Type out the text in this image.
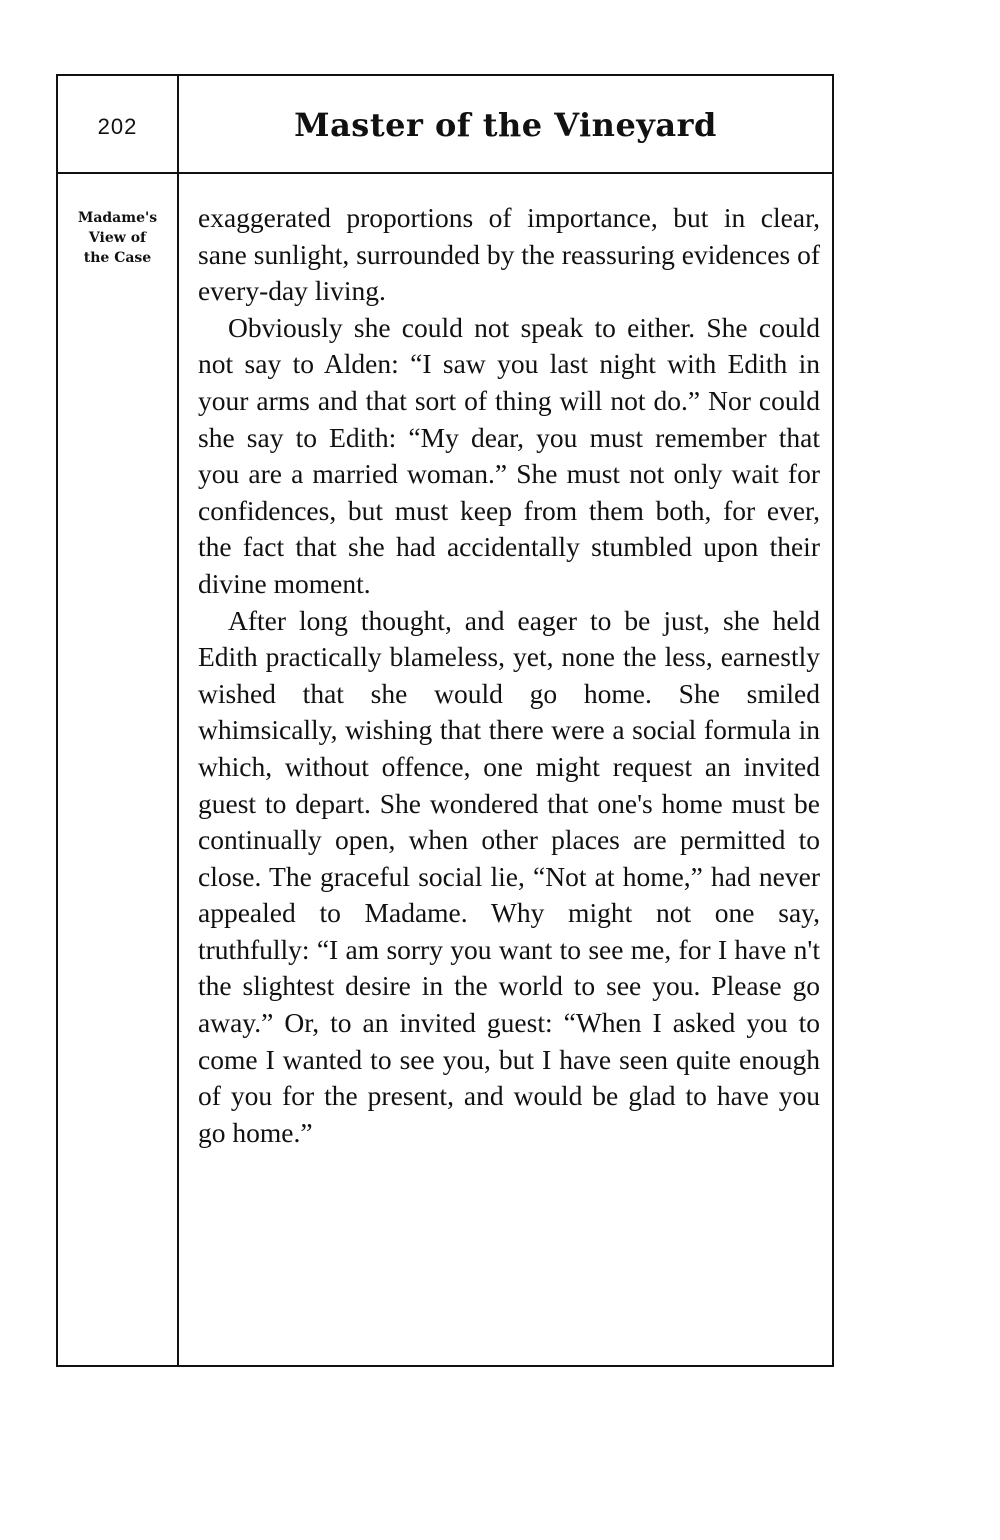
202	Master of the Vineyard
Madame's
View of
the Case

exaggerated proportions of importance, but in clear, sane sunlight, surrounded by the reassuring evidences of every-day living.

Obviously she could not speak to either. She could not say to Alden: “I saw you last night with Edith in your arms and that sort of thing will not do.” Nor could she say to Edith: “My dear, you must remember that you are a married woman.” She must not only wait for confidences, but must keep from them both, for ever, the fact that she had accidentally stumbled upon their divine moment.

After long thought, and eager to be just, she held Edith practically blameless, yet, none the less, earnestly wished that she would go home. She smiled whimsically, wishing that there were a social formula in which, without offence, one might request an invited guest to depart. She wondered that one's home must be continually open, when other places are permitted to close. The graceful social lie, “Not at home,” had never appealed to Madame. Why might not one say, truthfully: “I am sorry you want to see me, for I have n't the slightest desire in the world to see you. Please go away.” Or, to an invited guest: “When I asked you to come I wanted to see you, but I have seen quite enough of you for the present, and would be glad to have you go home.”
